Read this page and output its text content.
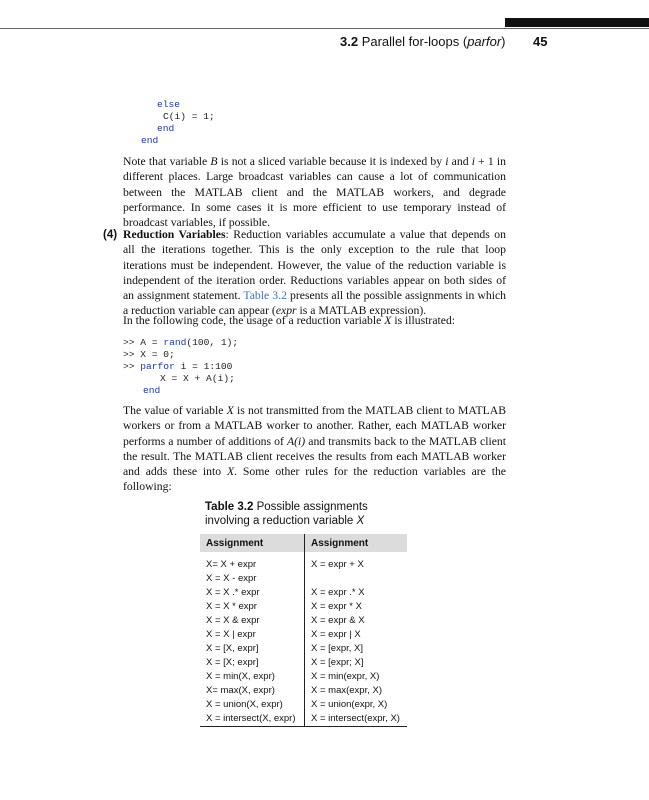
3.2 Parallel for-loops (parfor) 45
else
C(i) = 1;
end
end
Note that variable B is not a sliced variable because it is indexed by i and i + 1 in different places. Large broadcast variables can cause a lot of communication between the MATLAB client and the MATLAB workers, and degrade performance. In some cases it is more efficient to use temporary instead of broadcast variables, if possible.
(4) Reduction Variables: Reduction variables accumulate a value that depends on all the iterations together. This is the only exception to the rule that loop iterations must be independent. However, the value of the reduction variable is independent of the iteration order. Reductions variables appear on both sides of an assignment statement. Table 3.2 presents all the possible assignments in which a reduction variable can appear (expr is a MATLAB expression).
In the following code, the usage of a reduction variable X is illustrated:
>> A = rand(100, 1);
>> X = 0;
>> parfor i = 1:100
X = X + A(i);
end
The value of variable X is not transmitted from the MATLAB client to MATLAB workers or from a MATLAB worker to another. Rather, each MATLAB worker performs a number of additions of A(i) and transmits back to the MATLAB client the result. The MATLAB client receives the results from each MATLAB worker and adds these into X. Some other rules for the reduction variables are the following:
Table 3.2 Possible assignments involving a reduction variable X
Assignment	Assignment
X= X + expr	X = expr + X
X = X - expr	
X = X .* expr	X = expr .* X
X = X * expr	X = expr * X
X = X & expr	X = expr & X
X = X | expr	X = expr | X
X = [X, expr]	X = [expr, X]
X = [X; expr]	X = [expr; X]
X = min(X, expr)	X = min(expr, X)
X= max(X, expr)	X = max(expr, X)
X = union(X, expr)	X = union(expr, X)
X = intersect(X, expr)	X = intersect(expr, X)
